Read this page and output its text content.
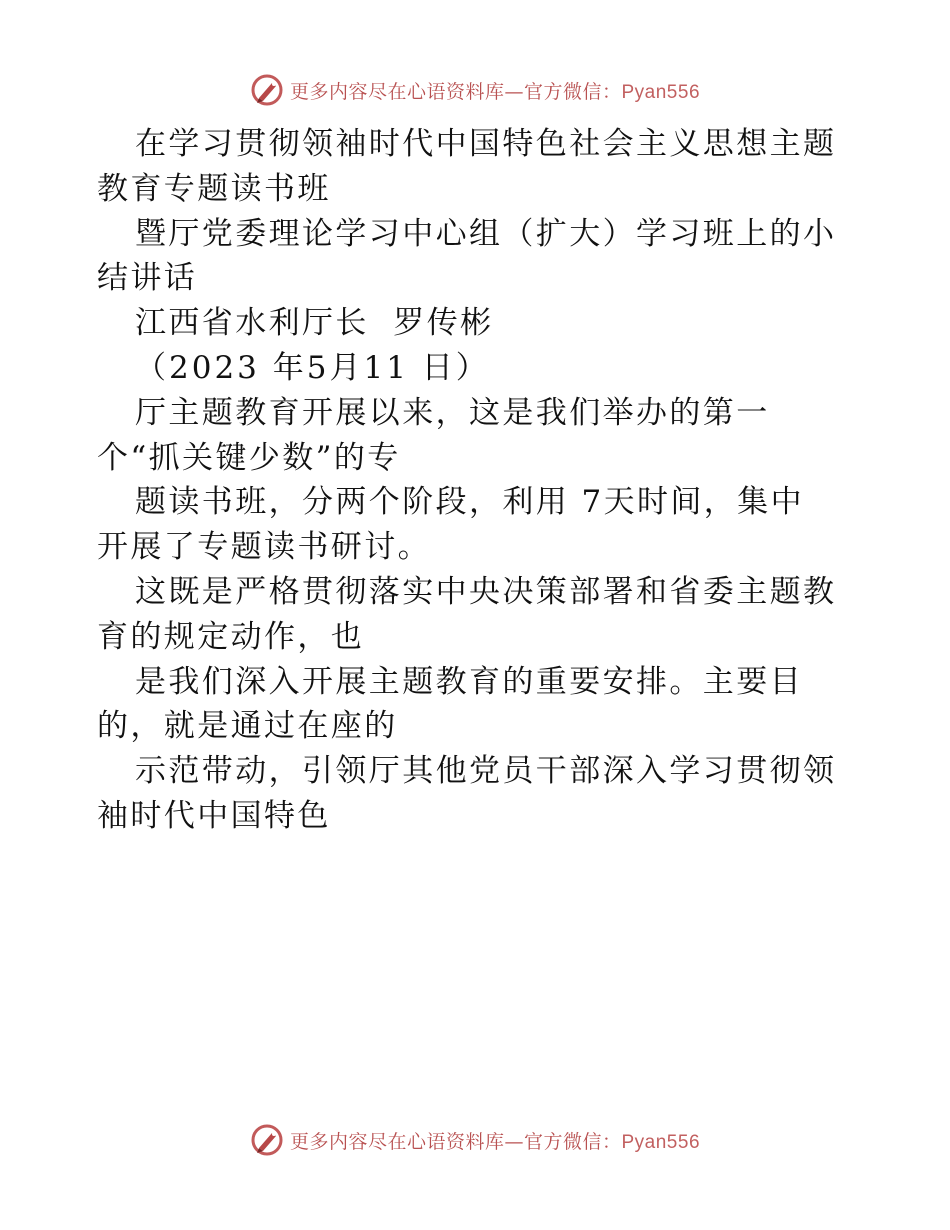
更多内容尽在心语资料库—官方微信：Pyan556
在学习贯彻领袖时代中国特色社会主义思想主题
教育专题读书班
暨厅党委理论学习中心组（扩大）学习班上的小
结讲话
江西省水利厅长  罗传彬
（2023 年5月11 日）
厅主题教育开展以来，这是我们举办的第一
个“抓关键少数”的专
题读书班，分两个阶段，利用 7天时间，集中
开展了专题读书研讨。
这既是严格贯彻落实中央决策部署和省委主题教
育的规定动作，也
是我们深入开展主题教育的重要安排。主要目
的，就是通过在座的
示范带动，引领厅其他党员干部深入学习贯彻领
袖时代中国特色
更多内容尽在心语资料库—官方微信：Pyan556
